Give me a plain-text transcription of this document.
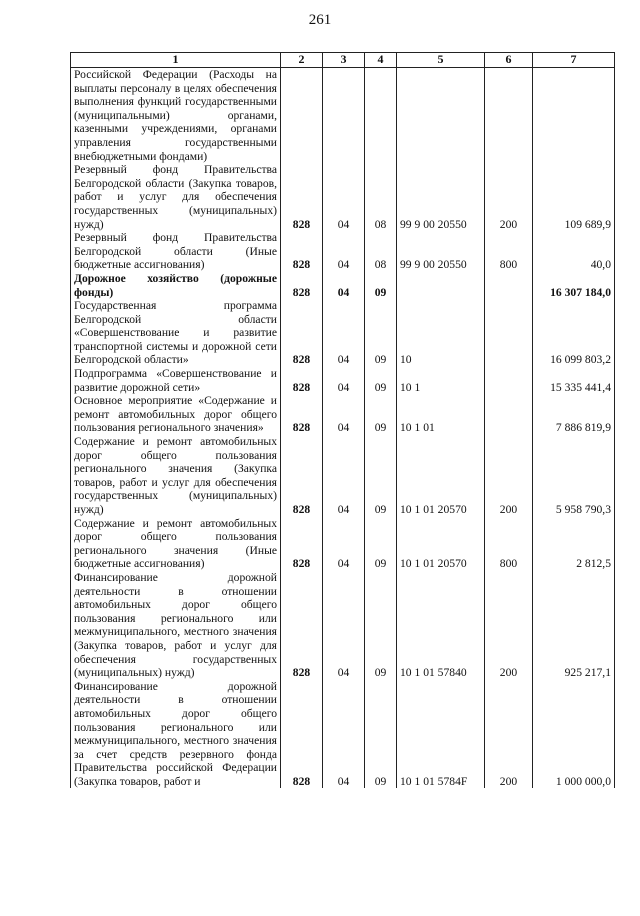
261
1	2	3	4	5	6	7
Российской Федерации (Расходы на выплаты персоналу в целях обеспечения выполнения функций государственными (муниципальными) органами, казенными учреждениями, органами управления государственными внебюджетными фондами)						
Резервный фонд Правительства Белгородской области (Закупка товаров, работ и услуг для обеспечения государственных (муниципальных) нужд)	828	04	08	99 9 00 20550	200	109 689,9
Резервный фонд Правительства Белгородской области (Иные бюджетные ассигнования)	828	04	08	99 9 00 20550	800	40,0
Дорожное хозяйство (дорожные фонды)	828	04	09			16 307 184,0
Государственная программа Белгородской области «Совершенствование и развитие транспортной системы и дорожной сети Белгородской области»	828	04	09	10		16 099 803,2
Подпрограмма «Совершенствование и развитие дорожной сети»	828	04	09	10 1		15 335 441,4
Основное мероприятие «Содержание и ремонт автомобильных дорог общего пользования регионального значения»	828	04	09	10 1 01		7 886 819,9
Содержание и ремонт автомобильных дорог общего пользования регионального значения (Закупка товаров, работ и услуг для обеспечения государственных (муниципальных) нужд)	828	04	09	10 1 01 20570	200	5 958 790,3
Содержание и ремонт автомобильных дорог общего пользования регионального значения (Иные бюджетные ассигнования)	828	04	09	10 1 01 20570	800	2 812,5
Финансирование дорожной деятельности в отношении автомобильных дорог общего пользования регионального или межмуниципального, местного значения (Закупка товаров, работ и услуг для обеспечения государственных (муниципальных) нужд)	828	04	09	10 1 01 57840	200	925 217,1
Финансирование дорожной деятельности в отношении автомобильных дорог общего пользования регионального или межмуниципального, местного значения за счет средств резервного фонда Правительства российской Федерации (Закупка товаров, работ и	828	04	09	10 1 01 5784F	200	1 000 000,0
